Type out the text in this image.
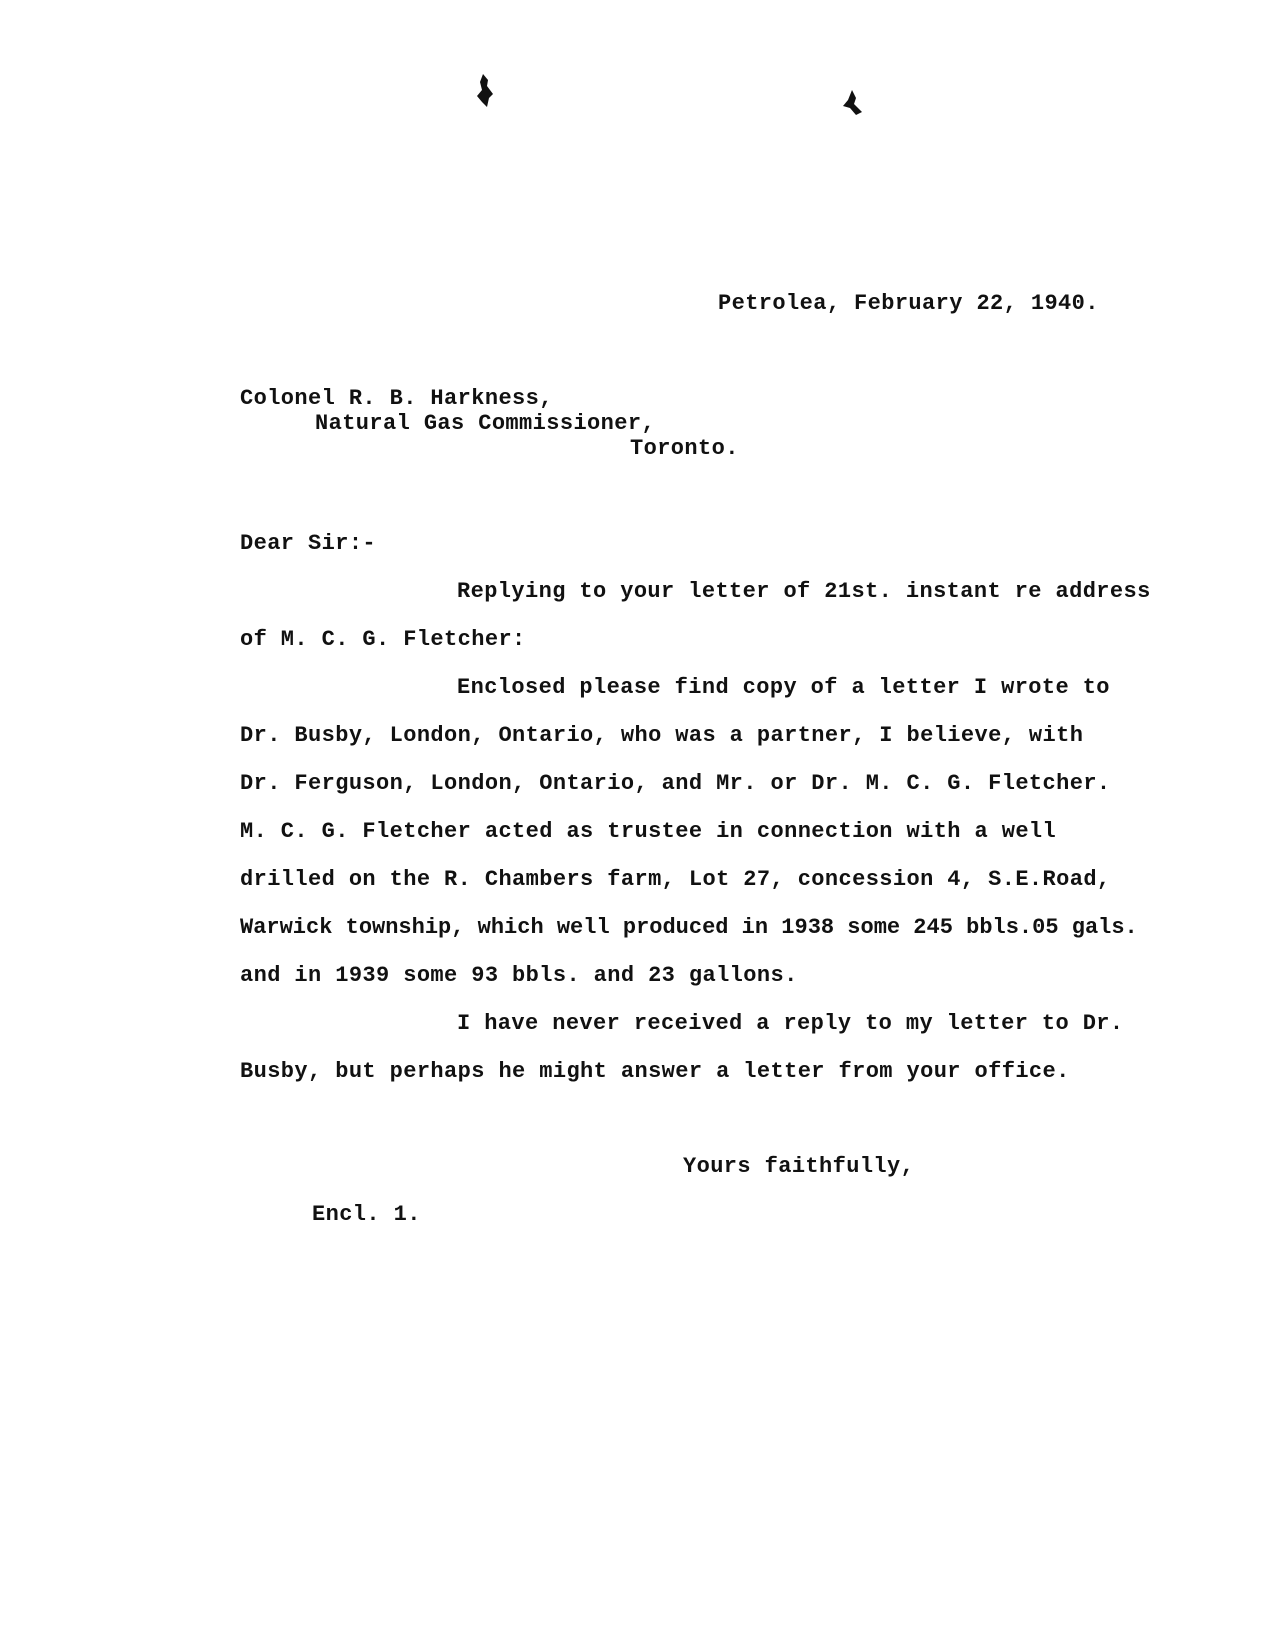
Petrolea, February 22, 1940.
Colonel R. B. Harkness,
Natural Gas Commissioner,
Toronto.
Dear Sir:-
Replying to your letter of 21st. instant re address
of M. C. G. Fletcher:
Enclosed please find copy of a letter I wrote to
Dr. Busby, London, Ontario, who was a partner, I believe, with
Dr. Ferguson, London, Ontario, and Mr. or Dr. M. C. G. Fletcher.
M. C. G. Fletcher acted as trustee in connection with a well
drilled on the R. Chambers farm, Lot 27, concession 4, S.E.Road,
Warwick township, which well produced in 1938 some 245 bbls.05 gals.
and in 1939 some 93 bbls. and 23 gallons.
I have never received a reply to my letter to Dr.
Busby, but perhaps he might answer a letter from your office.
Yours faithfully,
Encl. 1.
